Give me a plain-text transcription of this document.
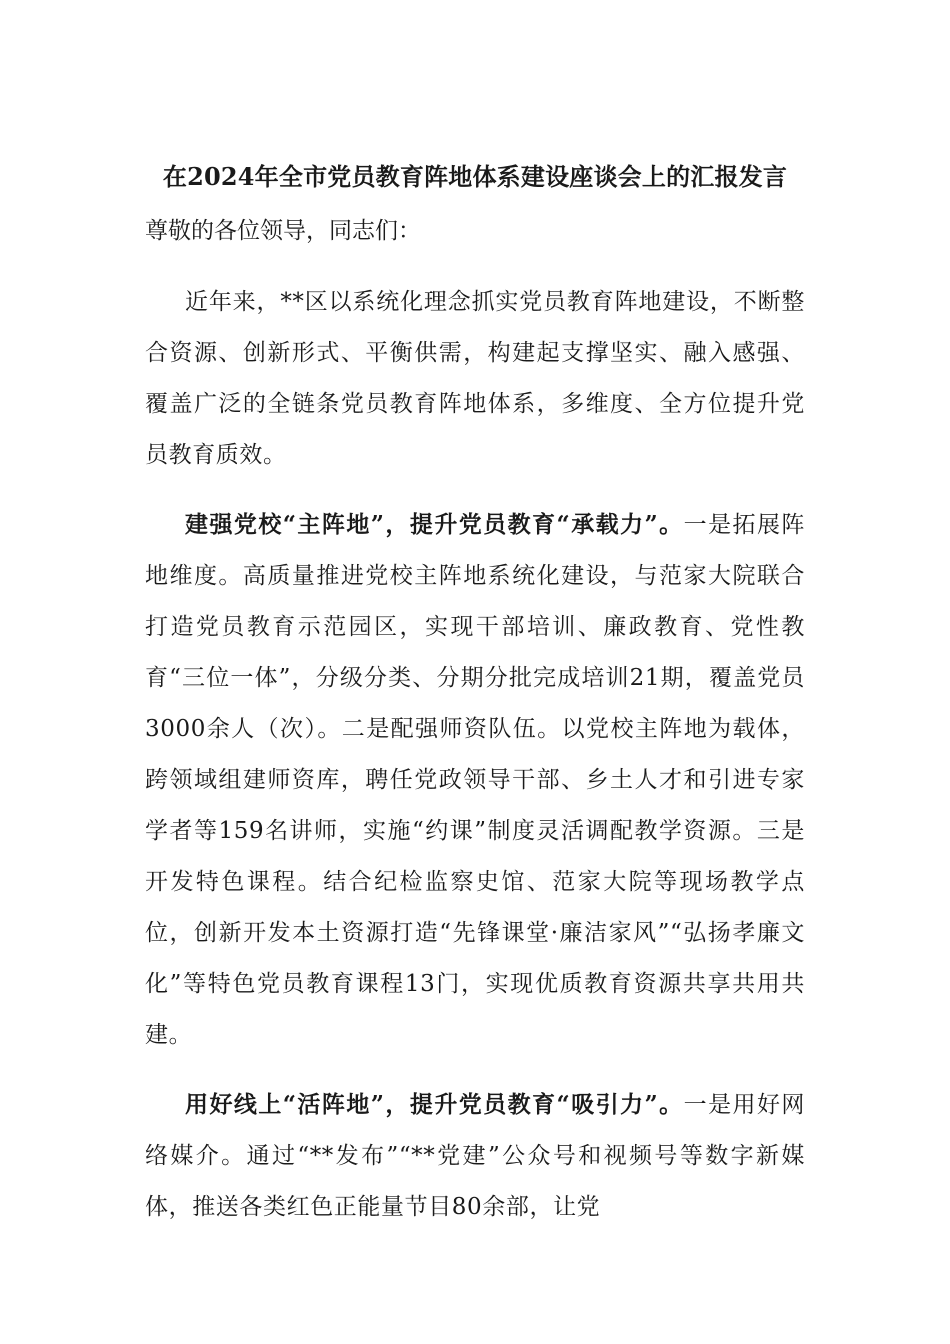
在2024年全市党员教育阵地体系建设座谈会上的汇报发言
尊敬的各位领导，同志们：

近年来，**区以系统化理念抓实党员教育阵地建设，不断整合资源、创新形式、平衡供需，构建起支撑坚实、融入感强、覆盖广泛的全链条党员教育阵地体系，多维度、全方位提升党员教育质效。

建强党校“主阵地”，提升党员教育“承载力”。一是拓展阵地维度。高质量推进党校主阵地系统化建设，与范家大院联合打造党员教育示范园区，实现干部培训、廉政教育、党性教育“三位一体”，分级分类、分期分批完成培训21期，覆盖党员3000余人（次）。二是配强师资队伍。以党校主阵地为载体，跨领域组建师资库，聘任党政领导干部、乡土人才和引进专家学者等159名讲师，实施“约课”制度灵活调配教学资源。三是开发特色课程。结合纪检监察史馆、范家大院等现场教学点位，创新开发本土资源打造“先锋课堂·廉洁家风”“弘扬孝廉文化”等特色党员教育课程13门，实现优质教育资源共享共用共建。

用好线上“活阵地”，提升党员教育“吸引力”。一是用好网络媒介。通过“**发布”“**党建”公众号和视频号等数字新媒体，推送各类红色正能量节目80余部，让党
